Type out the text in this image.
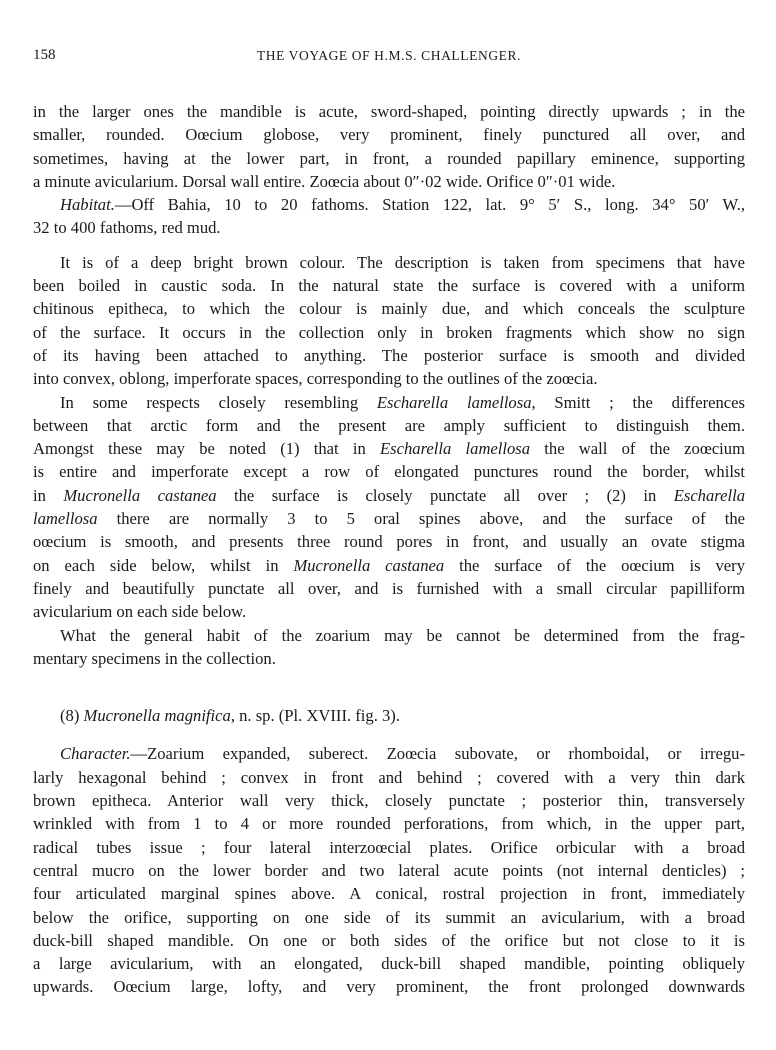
158	THE VOYAGE OF H.M.S. CHALLENGER.
in the larger ones the mandible is acute, sword-shaped, pointing directly upwards ; in the
smaller, rounded. Oœcium globose, very prominent, finely punctured all over, and
sometimes, having at the lower part, in front, a rounded papillary eminence, supporting
a minute avicularium. Dorsal wall entire. Zoœcia about 0″·02 wide. Orifice 0″·01 wide.
Habitat.—Off Bahia, 10 to 20 fathoms. Station 122, lat. 9° 5′ S., long. 34° 50′ W.,
32 to 400 fathoms, red mud.
It is of a deep bright brown colour. The description is taken from specimens that have
been boiled in caustic soda. In the natural state the surface is covered with a uniform
chitinous epitheca, to which the colour is mainly due, and which conceals the sculpture
of the surface. It occurs in the collection only in broken fragments which show no sign
of its having been attached to anything. The posterior surface is smooth and divided
into convex, oblong, imperforate spaces, corresponding to the outlines of the zoœcia.
In some respects closely resembling Escharella lamellosa, Smitt ; the differences
between that arctic form and the present are amply sufficient to distinguish them.
Amongst these may be noted (1) that in Escharella lamellosa the wall of the zoœcium
is entire and imperforate except a row of elongated punctures round the border, whilst
in Mucronella castanea the surface is closely punctate all over ; (2) in Escharella
lamellosa there are normally 3 to 5 oral spines above, and the surface of the
oœcium is smooth, and presents three round pores in front, and usually an ovate stigma
on each side below, whilst in Mucronella castanea the surface of the oœcium is very
finely and beautifully punctate all over, and is furnished with a small circular papilliform
avicularium on each side below.
What the general habit of the zoarium may be cannot be determined from the frag-
mentary specimens in the collection.
(8) Mucronella magnifica, n. sp. (Pl. XVIII. fig. 3).
Character.—Zoarium expanded, suberect. Zoœcia subovate, or rhomboidal, or irregu-
larly hexagonal behind ; convex in front and behind ; covered with a very thin dark
brown epitheca. Anterior wall very thick, closely punctate ; posterior thin, transversely
wrinkled with from 1 to 4 or more rounded perforations, from which, in the upper part,
radical tubes issue ; four lateral interzoœcial plates. Orifice orbicular with a broad
central mucro on the lower border and two lateral acute points (not internal denticles) ;
four articulated marginal spines above. A conical, rostral projection in front, immediately
below the orifice, supporting on one side of its summit an avicularium, with a broad
duck-bill shaped mandible. On one or both sides of the orifice but not close to it is
a large avicularium, with an elongated, duck-bill shaped mandible, pointing obliquely
upwards. Oœcium large, lofty, and very prominent, the front prolonged downwards
